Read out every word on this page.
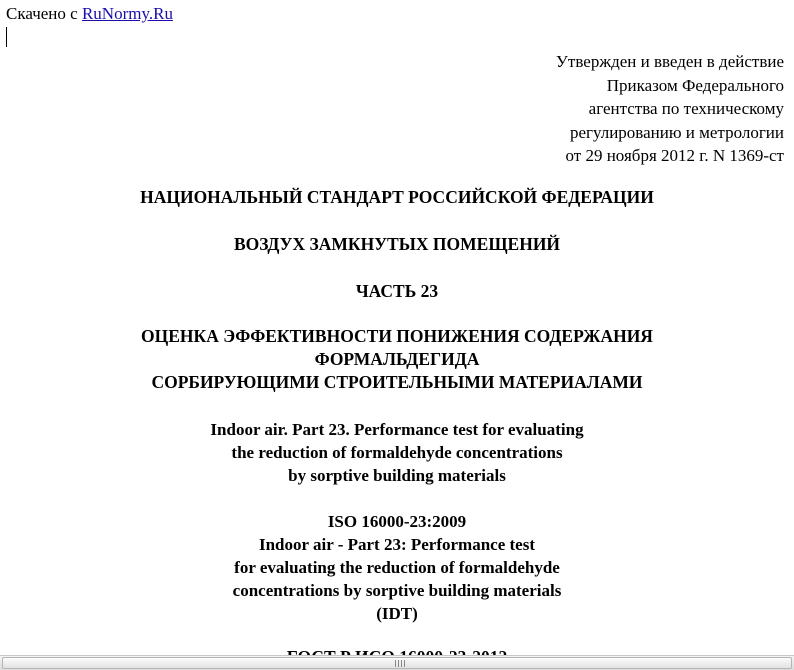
Скачено с RuNormy.Ru
Утвержден и введен в действие
Приказом Федерального
агентства по техническому
регулированию и метрологии
от 29 ноября 2012 г. N 1369-ст
НАЦИОНАЛЬНЫЙ СТАНДАРТ РОССИЙСКОЙ ФЕДЕРАЦИИ
ВОЗДУХ ЗАМКНУТЫХ ПОМЕЩЕНИЙ
ЧАСТЬ 23
ОЦЕНКА ЭФФЕКТИВНОСТИ ПОНИЖЕНИЯ СОДЕРЖАНИЯ
ФОРМАЛЬДЕГИДА
СОРБИРУЮЩИМИ СТРОИТЕЛЬНЫМИ МАТЕРИАЛАМИ
Indoor air. Part 23. Performance test for evaluating
the reduction of formaldehyde concentrations
by sorptive building materials
ISO 16000-23:2009
Indoor air - Part 23: Performance test
for evaluating the reduction of formaldehyde
concentrations by sorptive building materials
(IDT)
